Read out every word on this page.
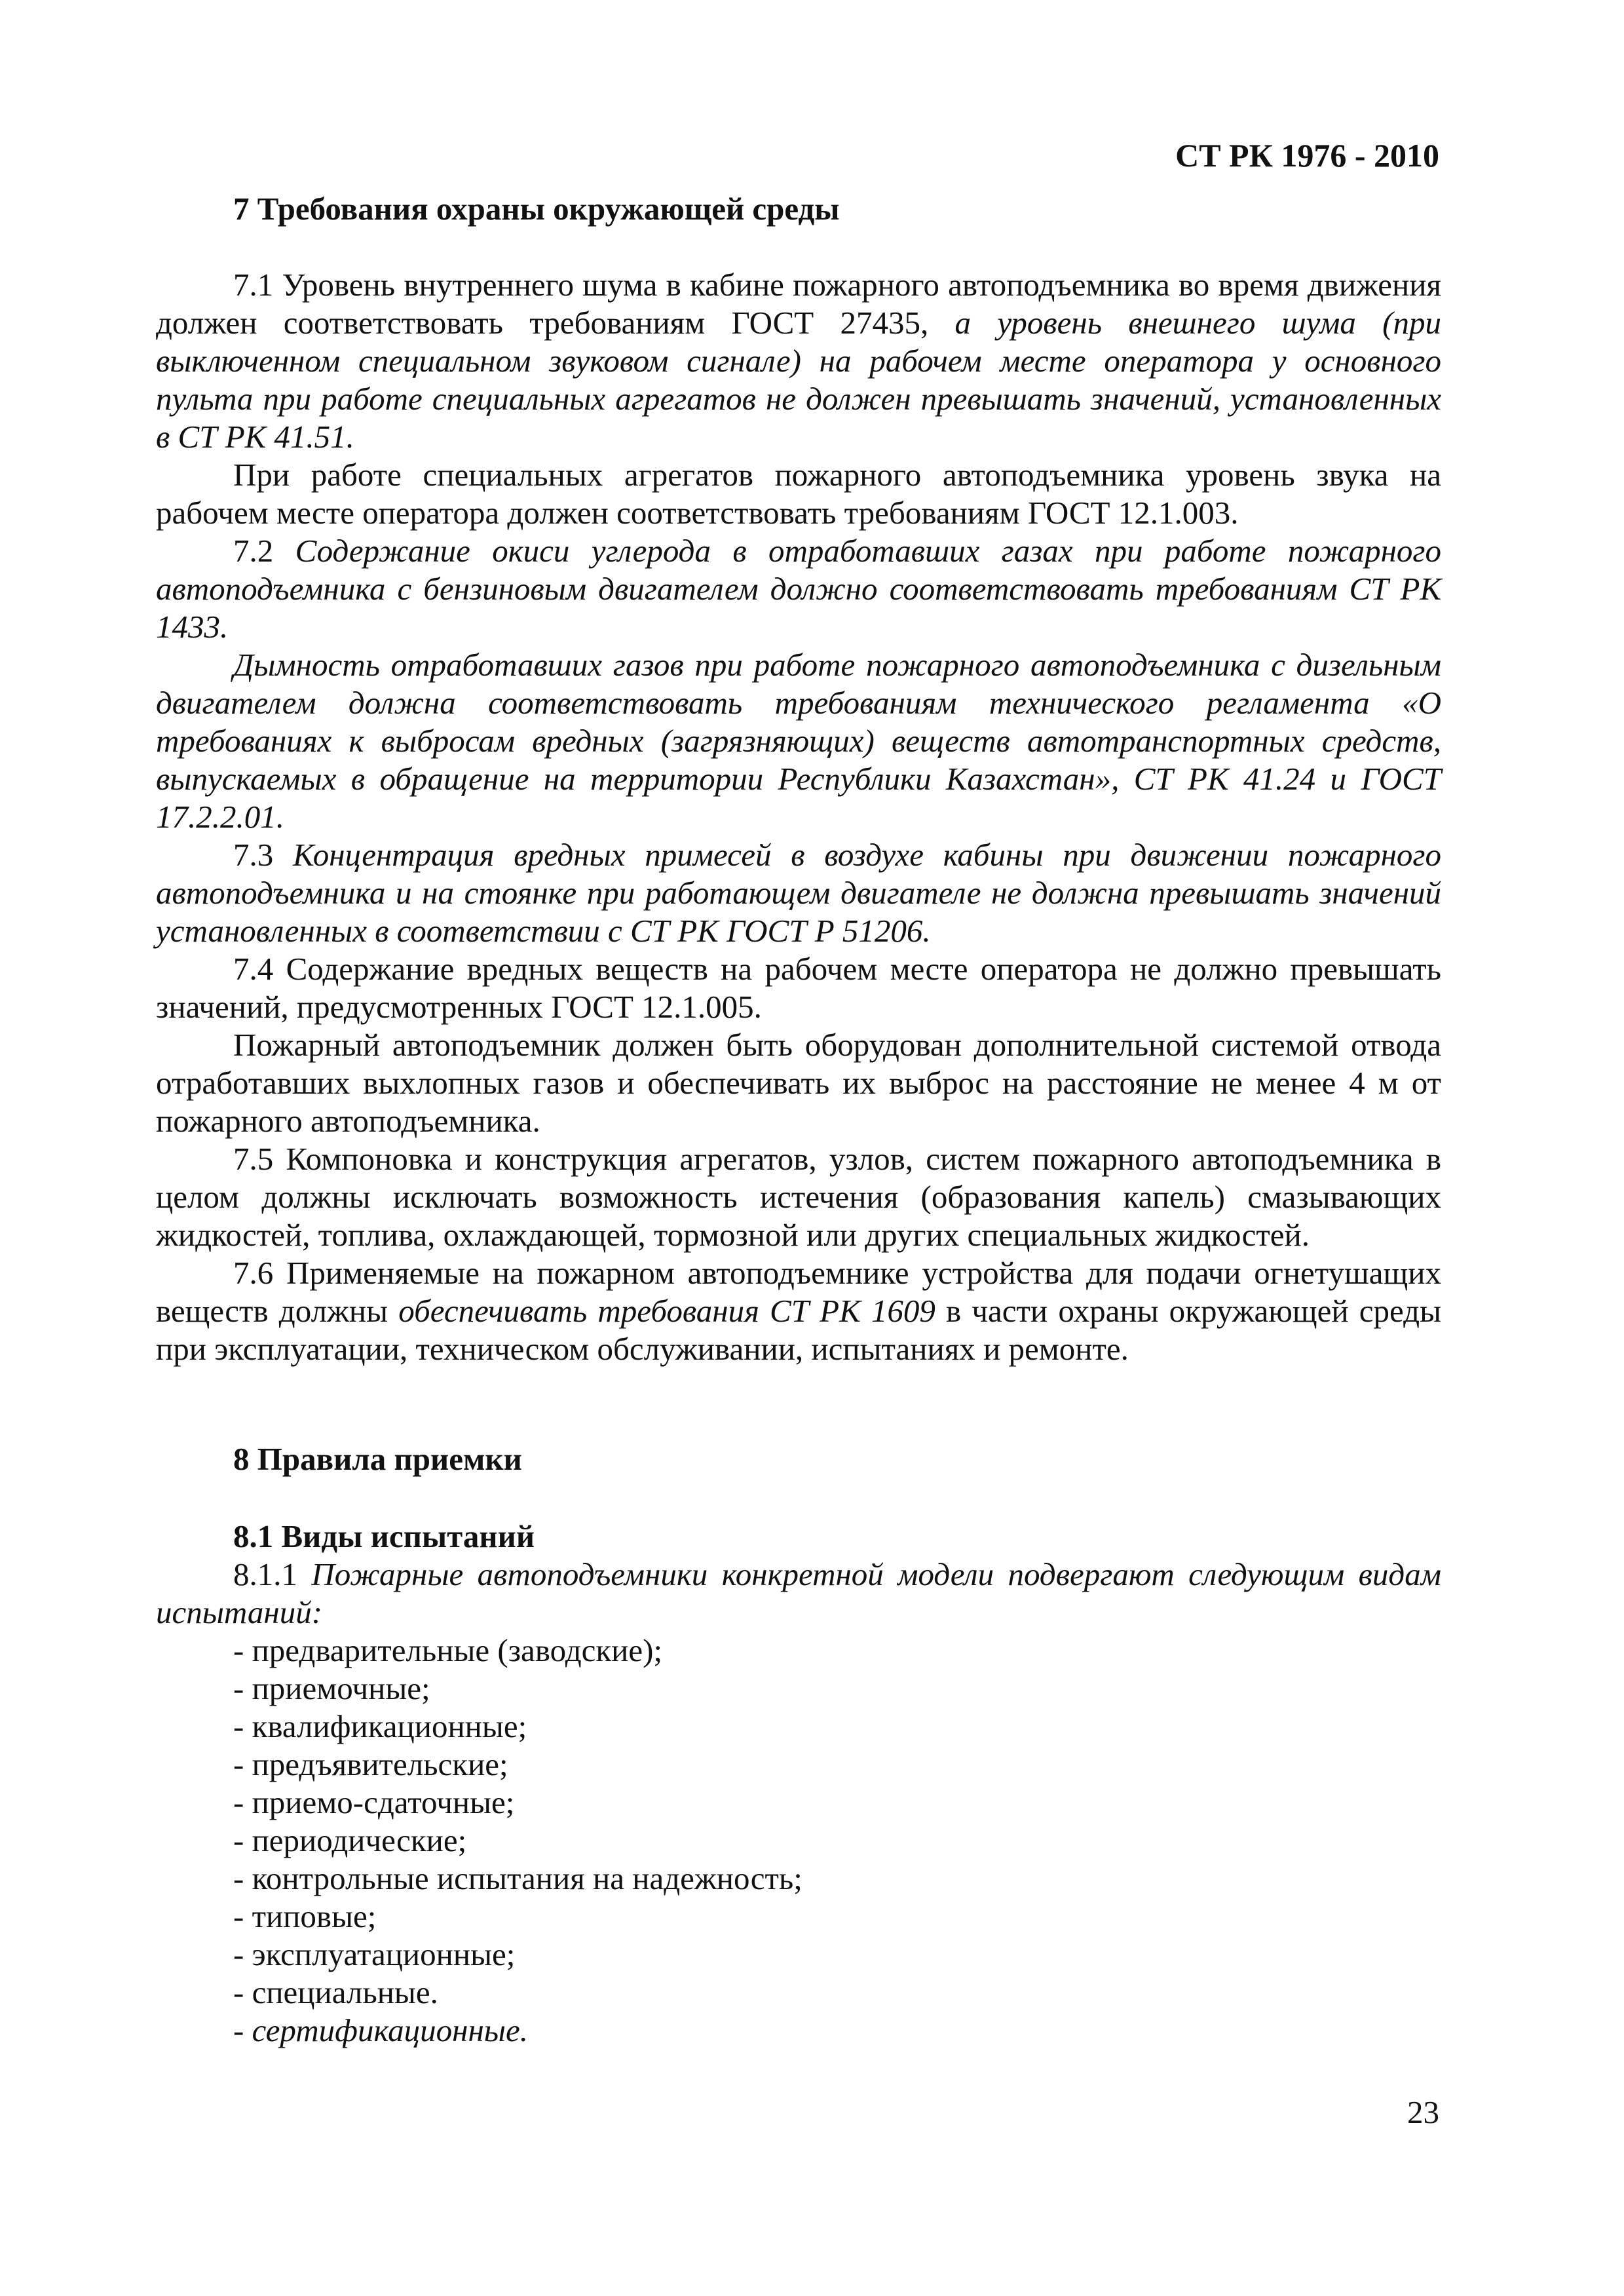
СТ РК 1976 - 2010
7 Требования охраны окружающей среды

7.1 Уровень внутреннего шума в кабине пожарного автоподъемника во время движения должен соответствовать требованиям ГОСТ 27435, а уровень внешнего шума (при выключенном специальном звуковом сигнале) на рабочем месте оператора у основного пульта при работе специальных агрегатов не должен превышать значений, установленных в СТ РК 41.51.

При работе специальных агрегатов пожарного автоподъемника уровень звука на рабочем месте оператора должен соответствовать требованиям ГОСТ 12.1.003.

7.2 Содержание окиси углерода в отработавших газах при работе пожарного автоподъемника с бензиновым двигателем должно соответствовать требованиям СТ РК 1433.

Дымность отработавших газов при работе пожарного автоподъемника с дизельным двигателем должна соответствовать требованиям технического регламента «О требованиях к выбросам вредных (загрязняющих) веществ автотранспортных средств, выпускаемых в обращение на территории Республики Казахстан», СТ РК 41.24 и ГОСТ 17.2.2.01.

7.3 Концентрация вредных примесей в воздухе кабины при движении пожарного автоподъемника и на стоянке при работающем двигателе не должна превышать значений установленных в соответствии с СТ РК ГОСТ Р 51206.

7.4 Содержание вредных веществ на рабочем месте оператора не должно превышать значений, предусмотренных ГОСТ 12.1.005.

Пожарный автоподъемник должен быть оборудован дополнительной системой отвода отработавших выхлопных газов и обеспечивать их выброс на расстояние не менее 4 м от пожарного автоподъемника.

7.5 Компоновка и конструкция агрегатов, узлов, систем пожарного автоподъемника в целом должны исключать возможность истечения (образования капель) смазывающих жидкостей, топлива, охлаждающей, тормозной или других специальных жидкостей.

7.6 Применяемые на пожарном автоподъемнике устройства для подачи огнетушащих веществ должны обеспечивать требования СТ РК 1609 в части охраны окружающей среды при эксплуатации, техническом обслуживании, испытаниях и ремонте.

8 Правила приемки
8.1 Виды испытаний

8.1.1 Пожарные автоподъемники конкретной модели подвергают следующим видам испытаний:

- предварительные (заводские);
- приемочные;
- квалификационные;
- предъявительские;
- приемо-сдаточные;
- периодические;
- контрольные испытания на надежность;
- типовые;
- эксплуатационные;
- специальные.
- сертификационные.
23
